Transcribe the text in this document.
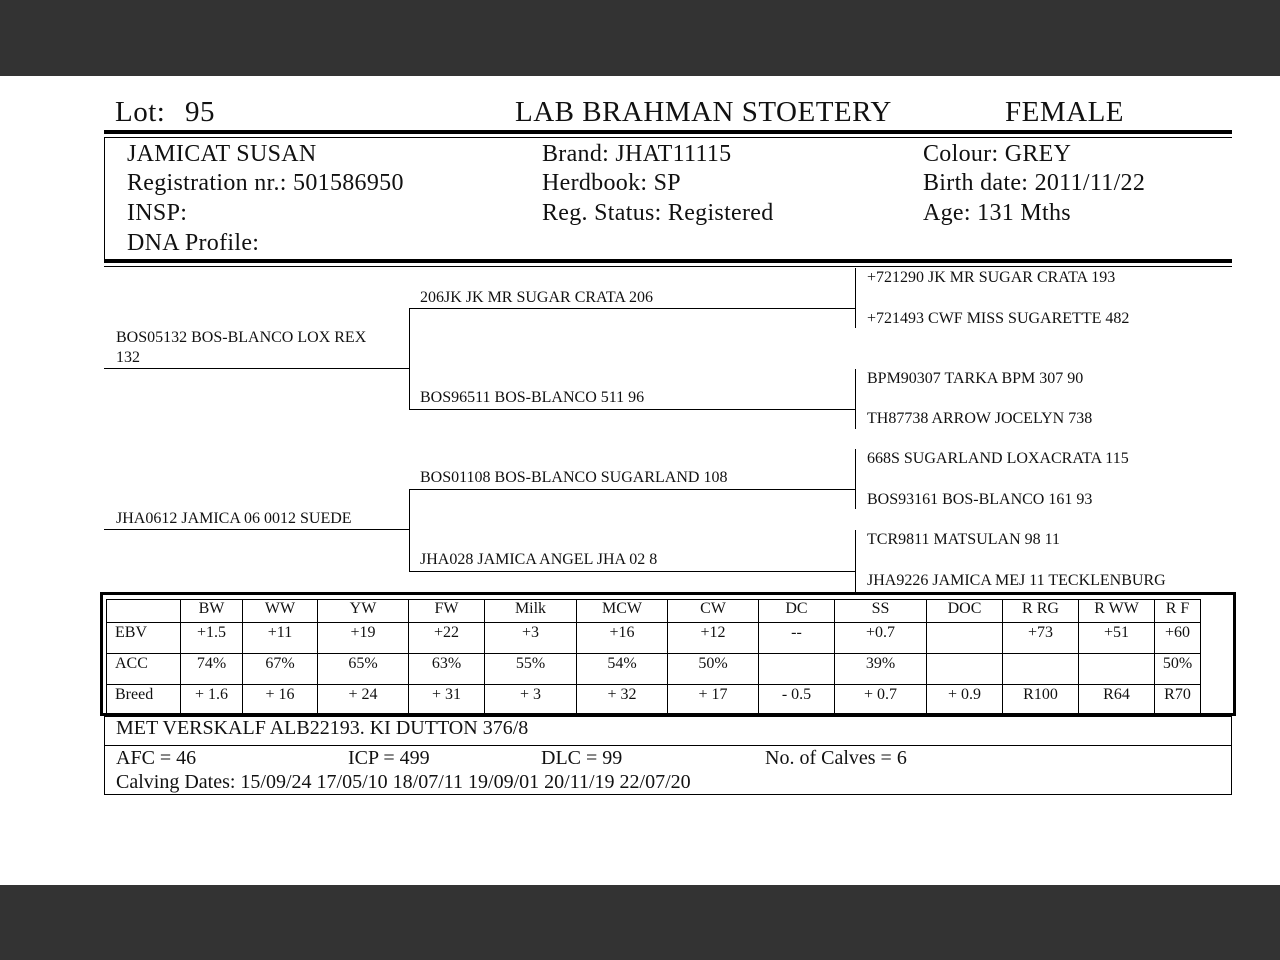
Lot: 95	LAB BRAHMAN STOETERY	FEMALE
JAMICAT SUSAN
Registration nr.: 501586950
INSP:
DNA Profile:
Brand: JHAT11115
Herdbook: SP
Reg. Status: Registered
Colour: GREY
Birth date: 2011/11/22
Age: 131 Mths
BOS05132 BOS-BLANCO LOX REX
132
JHA0612 JAMICA 06 0012 SUEDE
206JK JK MR SUGAR CRATA 206
BOS96511 BOS-BLANCO 511 96
BOS01108 BOS-BLANCO SUGARLAND 108
JHA028 JAMICA ANGEL JHA 02 8
+721290 JK MR SUGAR CRATA 193
+721493 CWF MISS SUGARETTE 482
BPM90307 TARKA BPM 307 90
TH87738 ARROW JOCELYN 738
668S SUGARLAND LOXACRATA 115
BOS93161 BOS-BLANCO 161 93
TCR9811 MATSULAN 98 11
JHA9226 JAMICA MEJ 11 TECKLENBURG
	BW	WW	YW	FW	Milk	MCW	CW	DC	SS	DOC	R RG	R WW	R F
EBV	+1.5	+11	+19	+22	+3	+16	+12	--	+0.7		+73	+51	+60
ACC	74%	67%	65%	63%	55%	54%	50%		39%				50%
Breed	+ 1.6	+ 16	+ 24	+ 31	+ 3	+ 32	+ 17	- 0.5	+ 0.7	+ 0.9	R100	R64	R70
MET VERSKALF ALB22193. KI DUTTON 376/8
AFC = 46	ICP = 499	DLC = 99	No. of Calves = 6
Calving Dates: 15/09/24 17/05/10 18/07/11 19/09/01 20/11/19 22/07/20
